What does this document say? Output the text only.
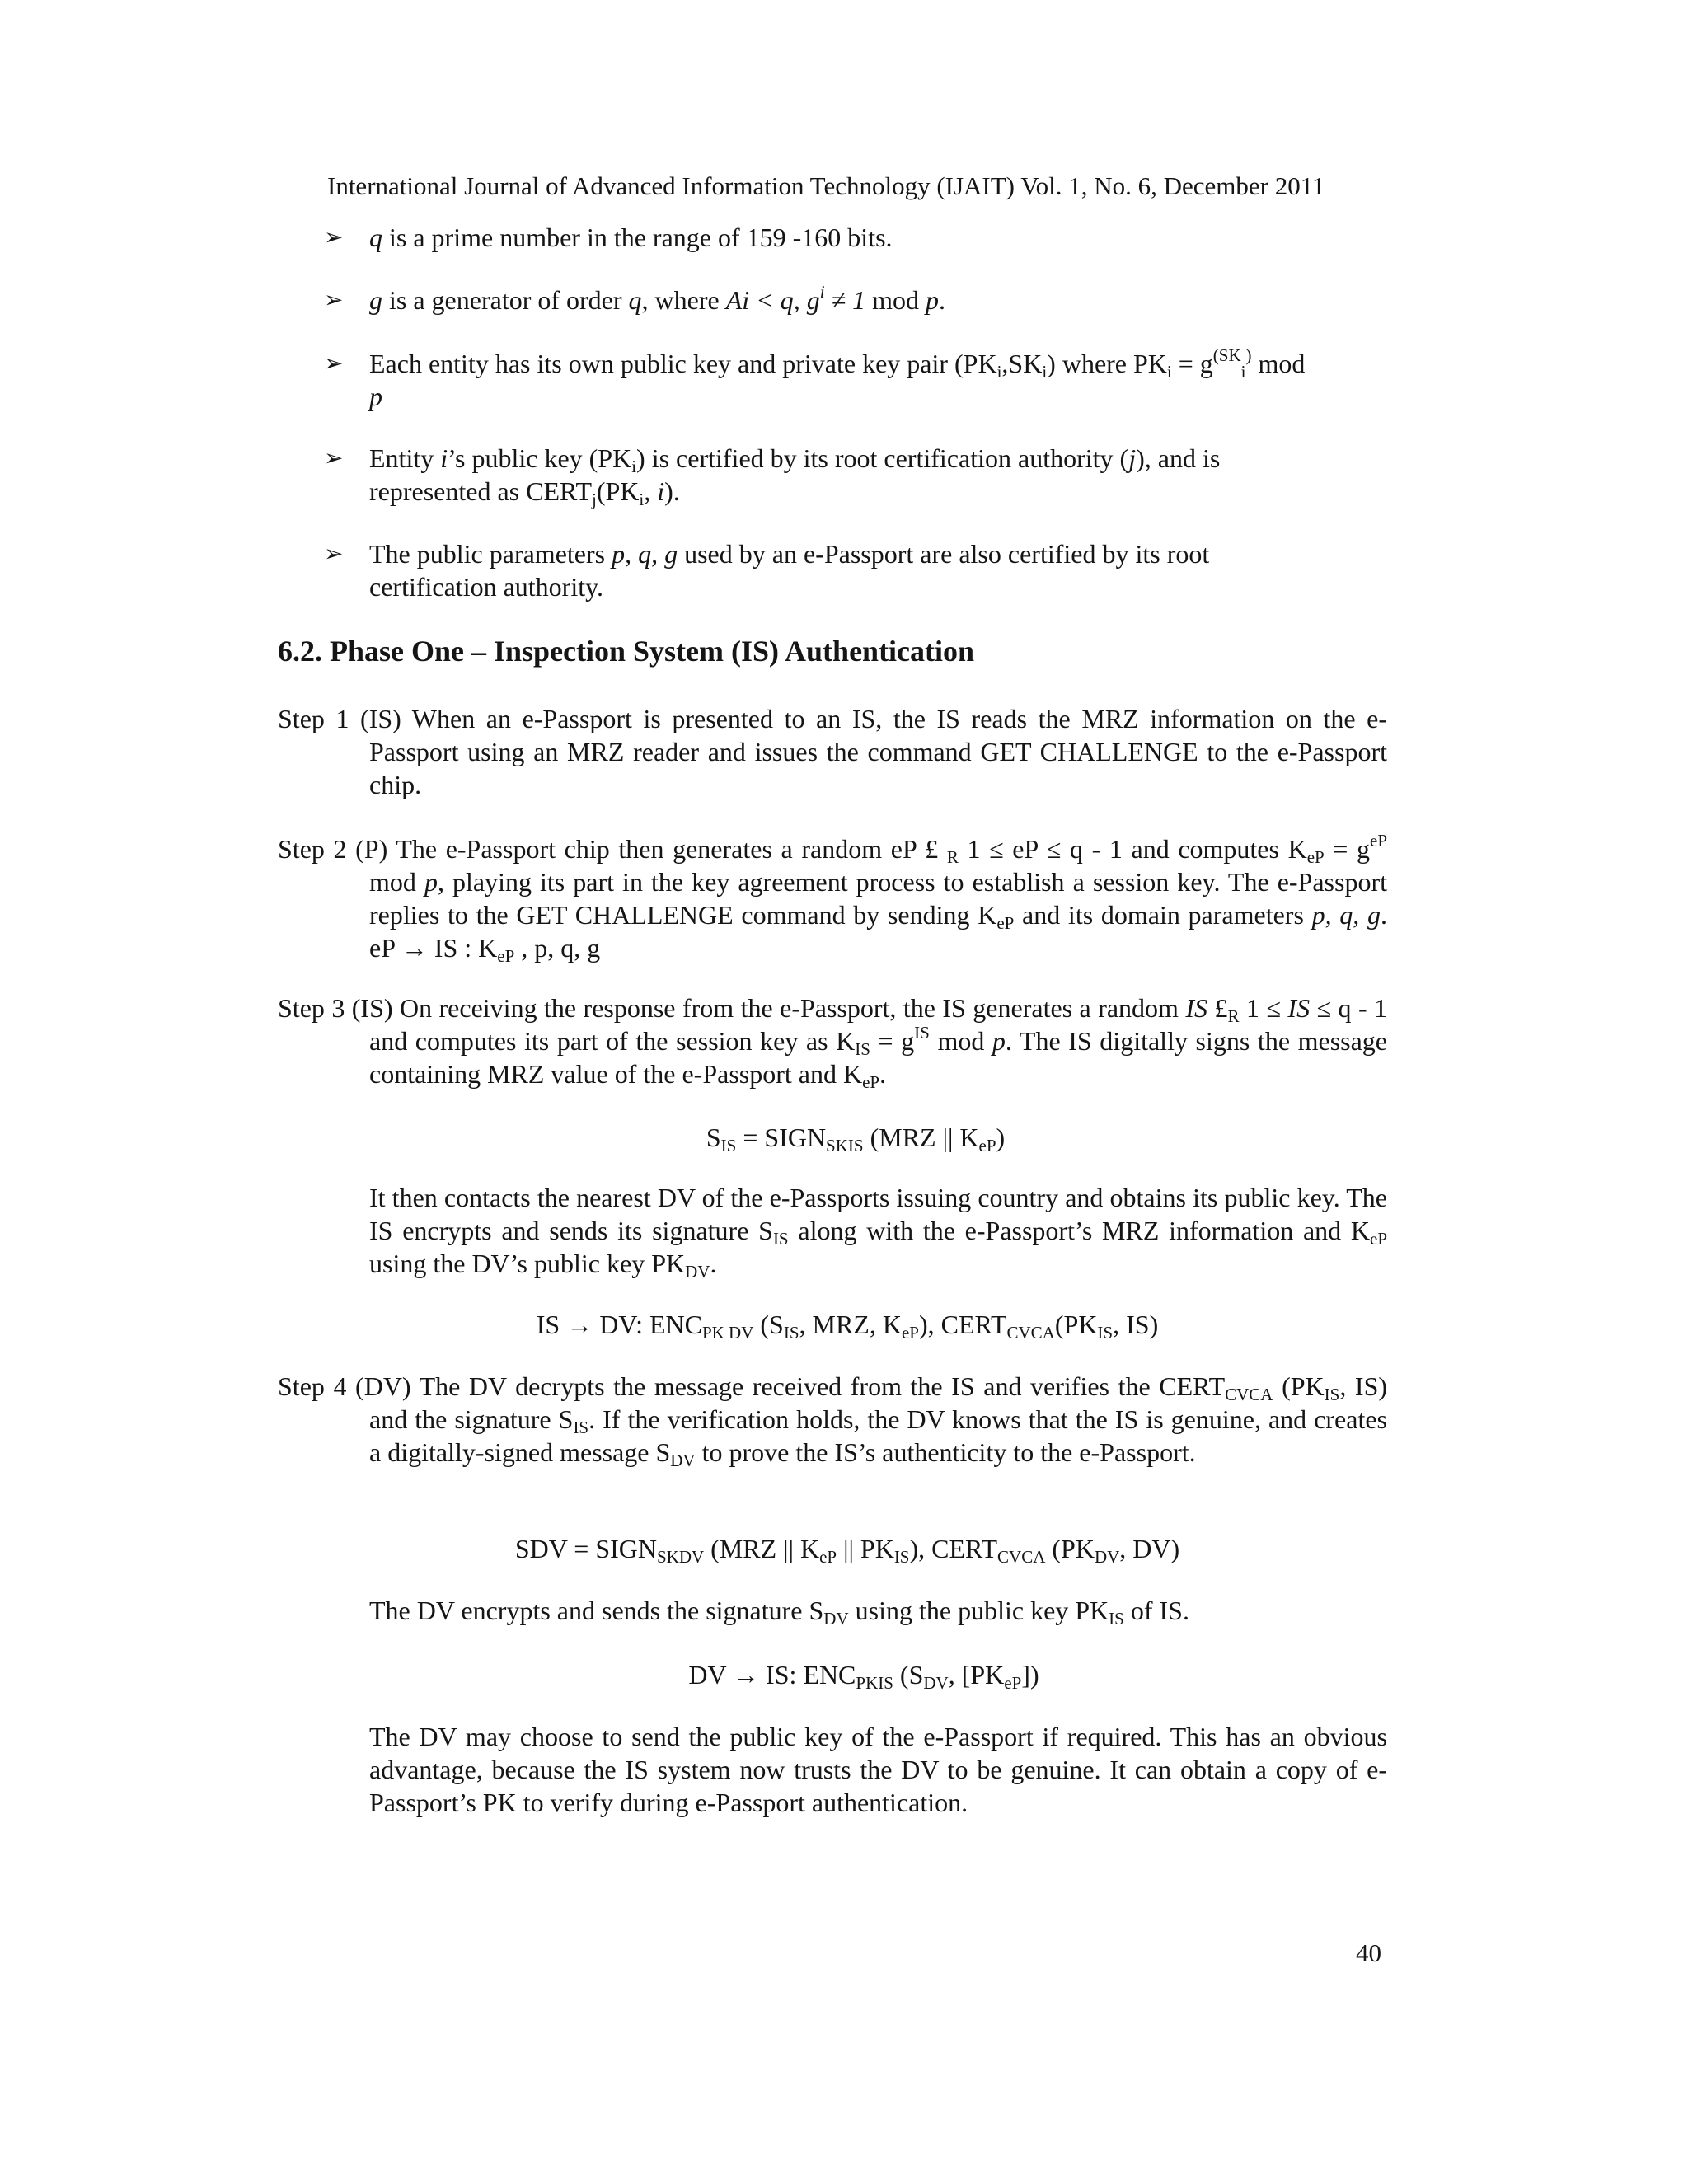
International Journal of Advanced Information Technology (IJAIT) Vol. 1, No. 6, December 2011
➢ q is a prime number in the range of 159 -160 bits.
➢ g is a generator of order q, where Ai < q, $g^i \ne 1$ mod p.
➢ Each entity has its own public key and private key pair $(PK_i,SK_i)$ where $PK_i = g^{(SK}_i^)$ mod
p
➢ Entity i’s public key $(PK_i)$ is certified by its root certification authority (j), and is represented as $CERT_j(PK_i$, i).
➢ The public parameters p, q, g used by an e-Passport are also certified by its root certification authority.
6.2. Phase One – Inspection System (IS) Authentication
Step 1 (IS) When an e-Passport is presented to an IS, the IS reads the MRZ information on the e-Passport using an MRZ reader and issues the command GET CHALLENGE to the e-Passport chip.
Step 2 (P) The e-Passport chip then generates a random eP £ $_R$ 1 ≤ eP ≤ q - 1 and computes $K_{eP} = g^{eP}$ mod p, playing its part in the key agreement process to establish a session key. The e-Passport replies to the GET CHALLENGE command by sending $K_{eP}$ and its domain parameters p, q, g. eP → IS : $K_{eP}$ , p, q, g
Step 3 (IS) On receiving the response from the e-Passport, the IS generates a random IS $£_R$ 1 ≤ IS ≤ q - 1 and computes its part of the session key as $K_{IS} = g^{IS}$ mod p. The IS digitally signs the message containing MRZ value of the e-Passport and $K_{eP}$.
$S_{IS}$ = $SIGN_{SKIS}$ (MRZ || $K_{eP}$)
It then contacts the nearest DV of the e-Passports issuing country and obtains its public key. The IS encrypts and sends its signature $S_{IS}$ along with the e-Passport’s MRZ information and $K_{eP}$ using the DV’s public key $PK_{DV}$.
IS → DV: $ENC_{PK DV}$ ($S_{IS}$, MRZ, $K_{eP}$), $CERT_{CVCA}(PK_{IS}$, IS)
Step 4 (DV) The DV decrypts the message received from the IS and verifies the $CERT_{CVCA}$ ($PK_{IS}$, IS) and the signature $S_{IS}$. If the verification holds, the DV knows that the IS is genuine, and creates a digitally-signed message $S_{DV}$ to prove the IS’s authenticity to the e-Passport.
SDV = $SIGN_{SKDV}$ (MRZ || $K_{eP}$ || $PK_{IS}$), $CERT_{CVCA}$ ($PK_{DV}$, DV)
The DV encrypts and sends the signature $S_{DV}$ using the public key $PK_{IS}$ of IS.
DV → IS: $ENC_{PKIS}$ ($S_{DV}$, $[PK_{eP}]$)
The DV may choose to send the public key of the e-Passport if required. This has an obvious advantage, because the IS system now trusts the DV to be genuine. It can obtain a copy of e-Passport’s PK to verify during e-Passport authentication.
40
